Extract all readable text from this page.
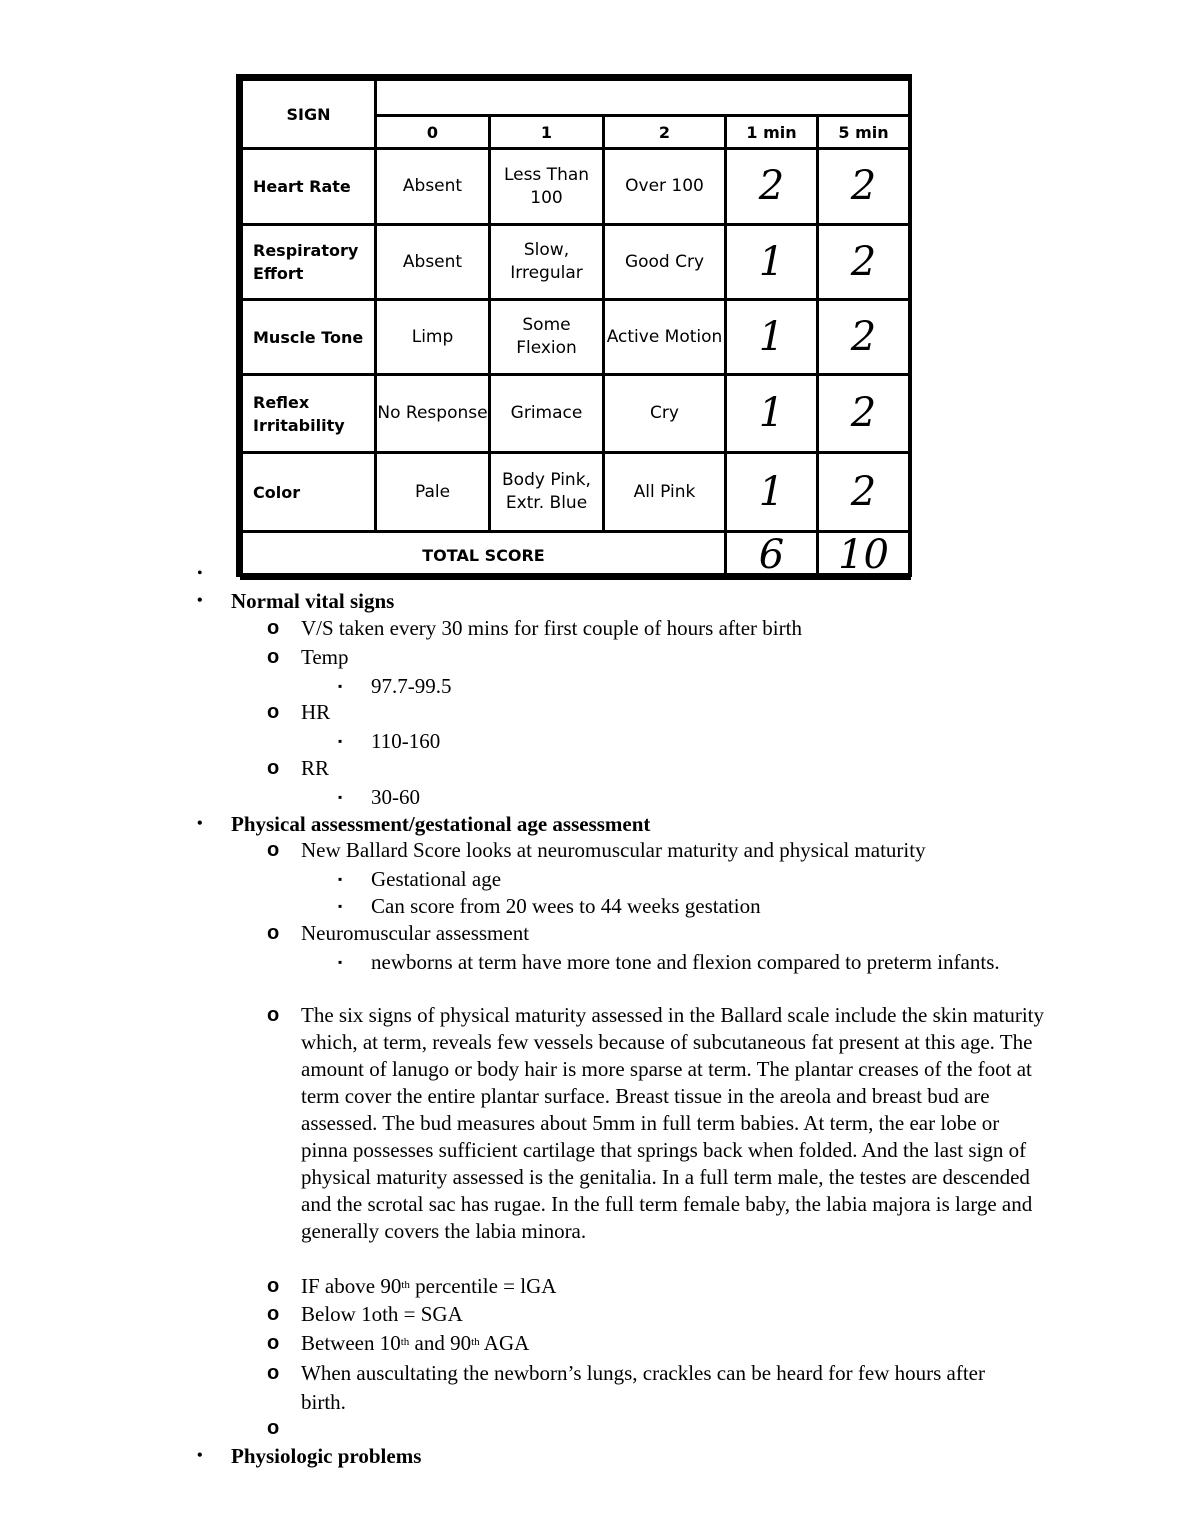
SIGN					
	0	1	2	1 min	5 min
Heart Rate	Absent	Less Than 100	Over 100	2	2
Respiratory Effort	Absent	Slow, Irregular	Good Cry	1	2
Muscle Tone	Limp	Some Flexion	Active Motion	1	2
Reflex Irritability	No Response	Grimace	Cry	1	2
Color	Pale	Body Pink, Extr. Blue	All Pink	1	2
TOTAL SCORE				6	10
•
• Normal vital signs
o V/S taken every 30 mins for first couple of hours after birth
o Temp
▪ 97.7-99.5
o HR
▪ 110-160
o RR
▪ 30-60
• Physical assessment/gestational age assessment
o New Ballard Score looks at neuromuscular maturity and physical maturity
▪ Gestational age
▪ Can score from 20 wees to 44 weeks gestation
o Neuromuscular assessment
▪ newborns at term have more tone and flexion compared to preterm infants.
o The six signs of physical maturity assessed in the Ballard scale include the skin maturity which, at term, reveals few vessels because of subcutaneous fat present at this age. The amount of lanugo or body hair is more sparse at term. The plantar creases of the foot at term cover the entire plantar surface. Breast tissue in the areola and breast bud are assessed. The bud measures about 5mm in full term babies. At term, the ear lobe or pinna possesses sufficient cartilage that springs back when folded. And the last sign of physical maturity assessed is the genitalia. In a full term male, the testes are descended and the scrotal sac has rugae. In the full term female baby, the labia majora is large and generally covers the labia minora.
o IF above 90th percentile = lGA
o Below 1oth = SGA
o Between 10th and 90th AGA
o When auscultating the newborn’s lungs, crackles can be heard for few hours after birth.
o
• Physiologic problems
